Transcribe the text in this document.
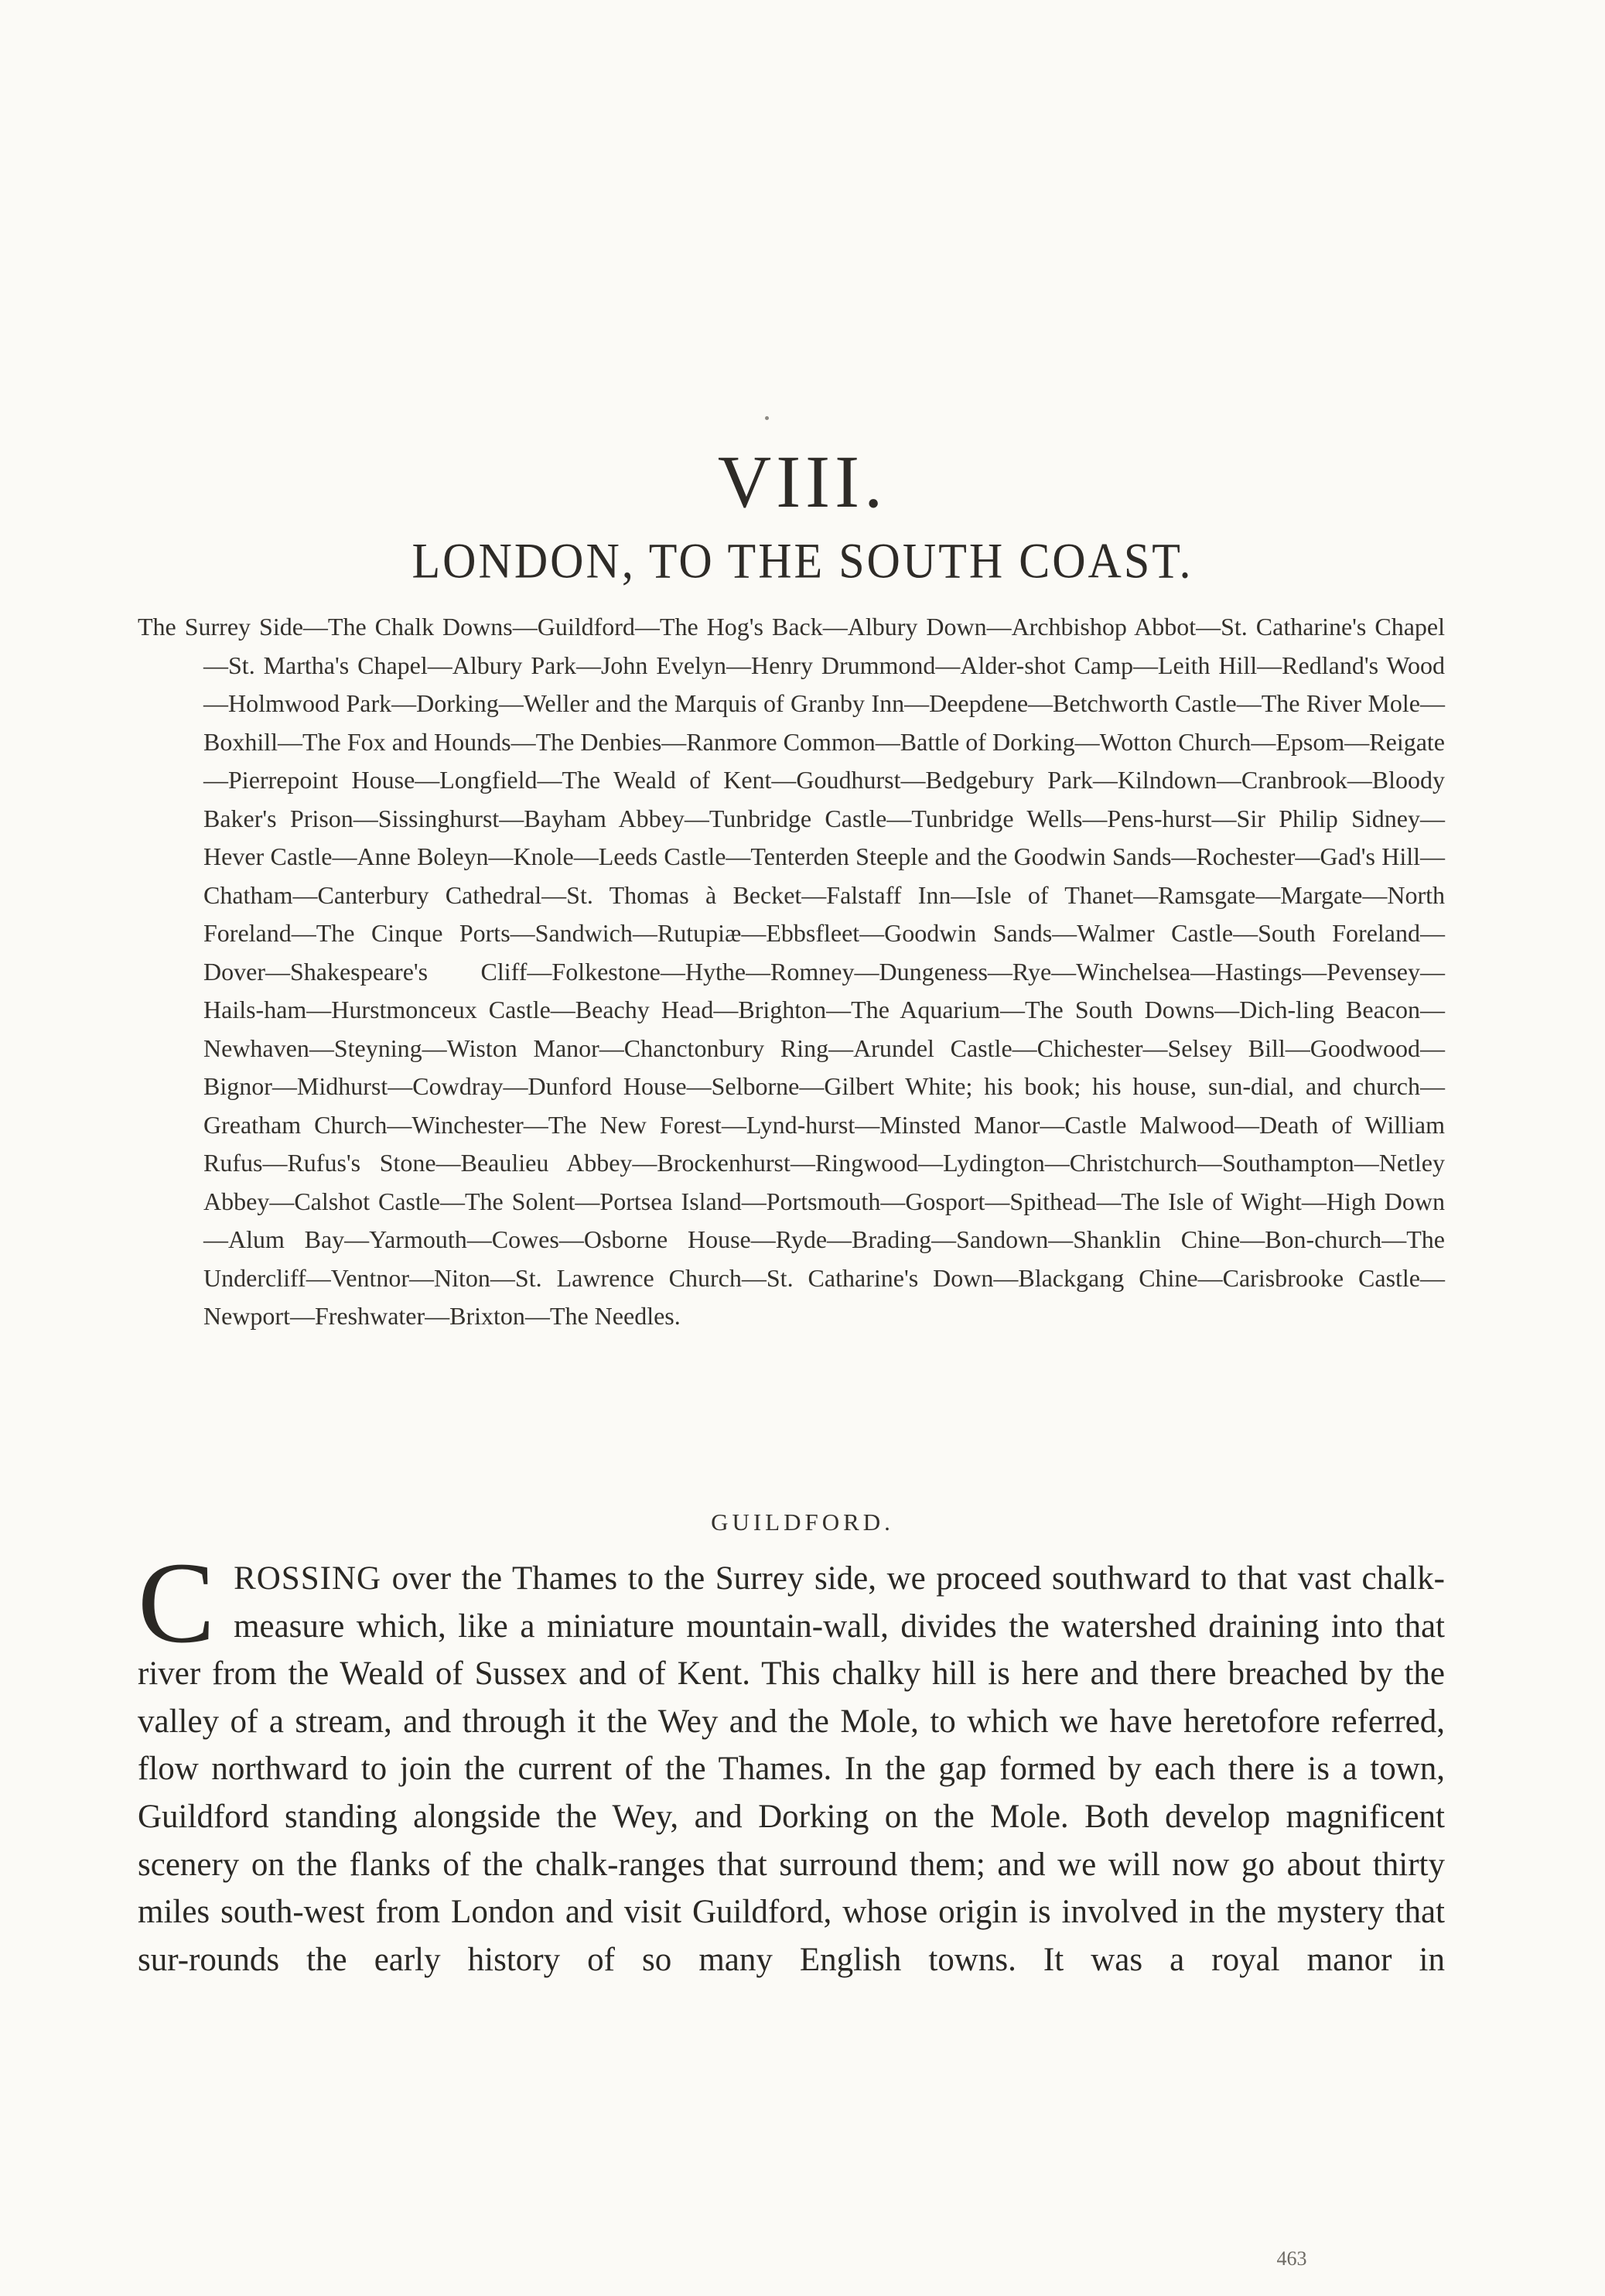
VIII.
LONDON, TO THE SOUTH COAST.
The Surrey Side—The Chalk Downs—Guildford—The Hog's Back—Albury Down—Archbishop Abbot—St. Catharine's Chapel—St. Martha's Chapel—Albury Park—John Evelyn—Henry Drummond—Alder-shot Camp—Leith Hill—Redland's Wood—Holmwood Park—Dorking—Weller and the Marquis of Granby Inn—Deepdene—Betchworth Castle—The River Mole—Boxhill—The Fox and Hounds—The Denbies—Ranmore Common—Battle of Dorking—Wotton Church—Epsom—Reigate—Pierrepoint House—Longfield—The Weald of Kent—Goudhurst—Bedgebury Park—Kilndown—Cranbrook—Bloody Baker's Prison—Sissinghurst—Bayham Abbey—Tunbridge Castle—Tunbridge Wells—Pens-hurst—Sir Philip Sidney—Hever Castle—Anne Boleyn—Knole—Leeds Castle—Tenterden Steeple and the Goodwin Sands—Rochester—Gad's Hill—Chatham—Canterbury Cathedral—St. Thomas à Becket—Falstaff Inn—Isle of Thanet—Ramsgate—Margate—North Foreland—The Cinque Ports—Sandwich—Rutupiæ—Ebbsfleet—Goodwin Sands—Walmer Castle—South Foreland—Dover—Shakespeare's Cliff—Folkestone—Hythe—Romney—Dungeness—Rye—Winchelsea—Hastings—Pevensey—Hails-ham—Hurstmonceux Castle—Beachy Head—Brighton—The Aquarium—The South Downs—Dich-ling Beacon—Newhaven—Steyning—Wiston Manor—Chanctonbury Ring—Arundel Castle—Chichester—Selsey Bill—Goodwood—Bignor—Midhurst—Cowdray—Dunford House—Selborne—Gilbert White; his book; his house, sun-dial, and church—Greatham Church—Winchester—The New Forest—Lynd-hurst—Minsted Manor—Castle Malwood—Death of William Rufus—Rufus's Stone—Beaulieu Abbey—Brockenhurst—Ringwood—Lydington—Christchurch—Southampton—Netley Abbey—Calshot Castle—The Solent—Portsea Island—Portsmouth—Gosport—Spithead—The Isle of Wight—High Down—Alum Bay—Yarmouth—Cowes—Osborne House—Ryde—Brading—Sandown—Shanklin Chine—Bon-church—The Undercliff—Ventnor—Niton—St. Lawrence Church—St. Catharine's Down—Blackgang Chine—Carisbrooke Castle—Newport—Freshwater—Brixton—The Needles.
GUILDFORD.
CROSSING over the Thames to the Surrey side, we proceed southward to that vast chalk-measure which, like a miniature mountain-wall, divides the watershed draining into that river from the Weald of Sussex and of Kent. This chalky hill is here and there breached by the valley of a stream, and through it the Wey and the Mole, to which we have heretofore referred, flow northward to join the current of the Thames. In the gap formed by each there is a town, Guildford standing alongside the Wey, and Dorking on the Mole. Both develop magnificent scenery on the flanks of the chalk-ranges that surround them; and we will now go about thirty miles south-west from London and visit Guildford, whose origin is involved in the mystery that sur-rounds the early history of so many English towns. It was a royal manor in
463
